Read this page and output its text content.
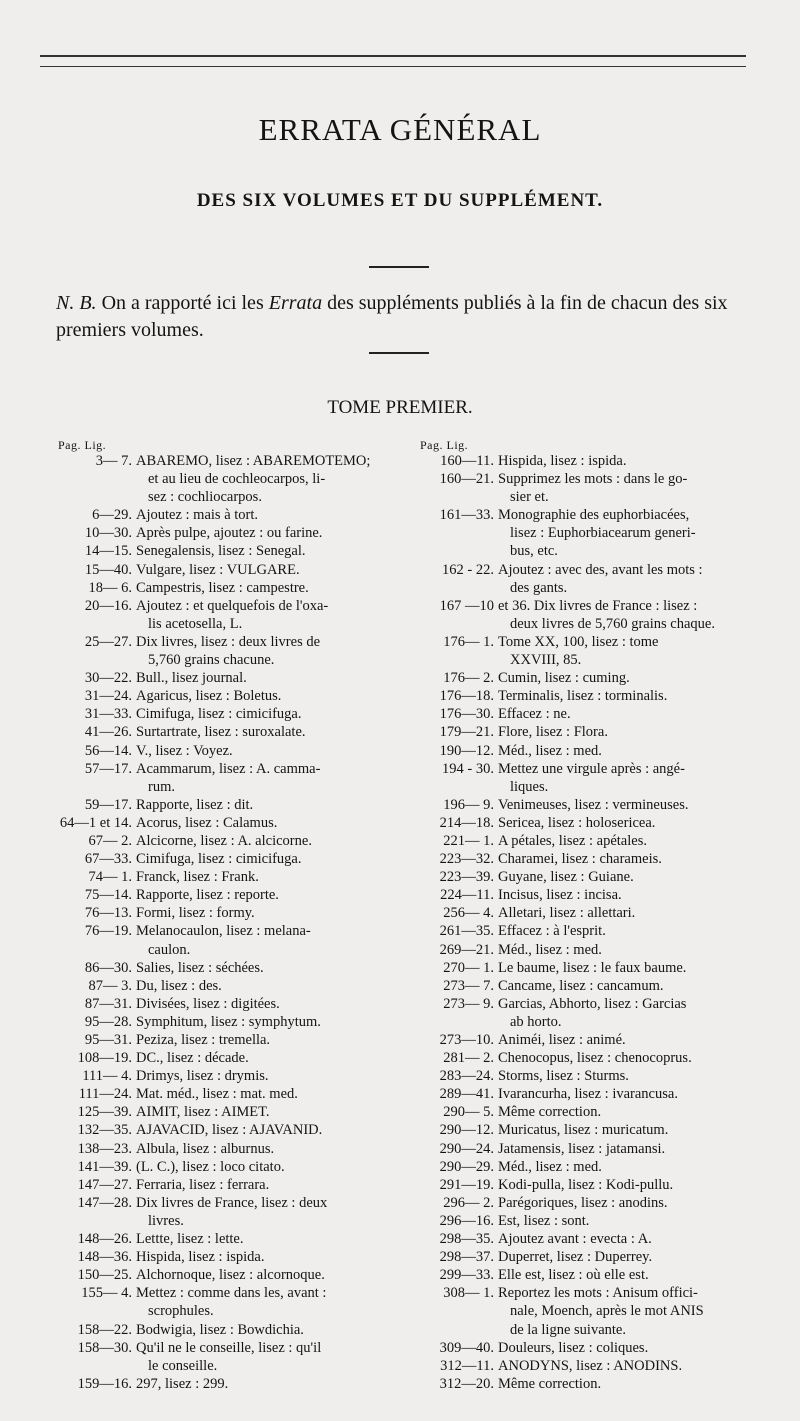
ERRATA GÉNÉRAL
DES SIX VOLUMES ET DU SUPPLÉMENT.
N. B. On a rapporté ici les Errata des suppléments publiés à la fin de chacun des six premiers volumes.
TOME PREMIER.
Pag. Lig.
3— 7. ABAREMO, lisez : ABAREMOTEMO;
et au lieu de cochleocarpos, li-
sez : cochliocarpos.
6—29. Ajoutez : mais à tort.
10—30. Après pulpe, ajoutez : ou farine.
14—15. Senegalensis, lisez : Senegal.
15—40. Vulgare, lisez : VULGARE.
18— 6. Campestris, lisez : campestre.
20—16. Ajoutez : et quelquefois de l'oxa-
lis acetosella, L.
25—27. Dix livres, lisez : deux livres de
5,760 grains chacune.
30—22. Bull., lisez journal.
31—24. Agaricus, lisez : Boletus.
31—33. Cimifuga, lisez : cimicifuga.
41—26. Surtartrate, lisez : suroxalate.
56—14. V., lisez : Voyez.
57—17. Acammarum, lisez : A. camma-
rum.
59—17. Rapporte, lisez : dit.
64—1 et 14. Acorus, lisez : Calamus.
67— 2. Alcicorne, lisez : A. alcicorne.
67—33. Cimifuga, lisez : cimicifuga.
74— 1. Franck, lisez : Frank.
75—14. Rapporte, lisez : reporte.
76—13. Formi, lisez : formy.
76—19. Melanocaulon, lisez : melana-
caulon.
86—30. Salies, lisez : séchées.
87— 3. Du, lisez : des.
87—31. Divisées, lisez : digitées.
95—28. Symphitum, lisez : symphytum.
95—31. Peziza, lisez : tremella.
108—19. DC., lisez : décade.
111— 4. Drimys, lisez : drymis.
111—24. Mat. méd., lisez : mat. med.
125—39. AIMIT, lisez : AIMET.
132—35. AJAVACID, lisez : AJAVANID.
138—23. Albula, lisez : alburnus.
141—39. (L. C.), lisez : loco citato.
147—27. Ferraria, lisez : ferrara.
147—28. Dix livres de France, lisez : deux
livres.
148—26. Lettte, lisez : lette.
148—36. Hispida, lisez : ispida.
150—25. Alchornoque, lisez : alcornoque.
155— 4. Mettez : comme dans les, avant :
scrophules.
158—22. Bodwigia, lisez : Bowdichia.
158—30. Qu'il ne le conseille, lisez : qu'il
le conseille.
159—16. 297, lisez : 299.
Pag. Lig.
160—11. Hispida, lisez : ispida.
160—21. Supprimez les mots : dans le go-
sier et.
161—33. Monographie des euphorbiacées,
lisez : Euphorbiacearum generi-
bus, etc.
162 - 22. Ajoutez : avec des, avant les mots :
des gants.
167 —10 et 36. Dix livres de France : lisez :
deux livres de 5,760 grains chaque.
176— 1. Tome XX, 100, lisez : tome
XXVIII, 85.
176— 2. Cumin, lisez : cuming.
176—18. Terminalis, lisez : torminalis.
176—30. Effacez : ne.
179—21. Flore, lisez : Flora.
190—12. Méd., lisez : med.
194 - 30. Mettez une virgule après : angé-
liques.
196— 9. Venimeuses, lisez : vermineuses.
214—18. Sericea, lisez : holosericea.
221— 1. A pétales, lisez : apétales.
223—32. Charamei, lisez : charameis.
223—39. Guyane, lisez : Guiane.
224—11. Incisus, lisez : incisa.
256— 4. Alletari, lisez : allettari.
261—35. Effacez : à l'esprit.
269—21. Méd., lisez : med.
270— 1. Le baume, lisez : le faux baume.
273— 7. Cancame, lisez : cancamum.
273— 9. Garcias, Abhorto, lisez : Garcias
ab horto.
273—10. Animéi, lisez : animé.
281— 2. Chenocopus, lisez : chenocoprus.
283—24. Storms, lisez : Sturms.
289—41. Ivarancurha, lisez : ivarancusa.
290— 5. Même correction.
290—12. Muricatus, lisez : muricatum.
290—24. Jatamensis, lisez : jatamansi.
290—29. Méd., lisez : med.
291—19. Kodi-pulla, lisez : Kodi-pullu.
296— 2. Parégoriques, lisez : anodins.
296—16. Est, lisez : sont.
298—35. Ajoutez avant : evecta : A.
298—37. Duperret, lisez : Duperrey.
299—33. Elle est, lisez : où elle est.
308— 1. Reportez les mots : Anisum offici-
nale, Moench, après le mot ANIS
de la ligne suivante.
309—40. Douleurs, lisez : coliques.
312—11. ANODYNS, lisez : ANODINS.
312—20. Même correction.
